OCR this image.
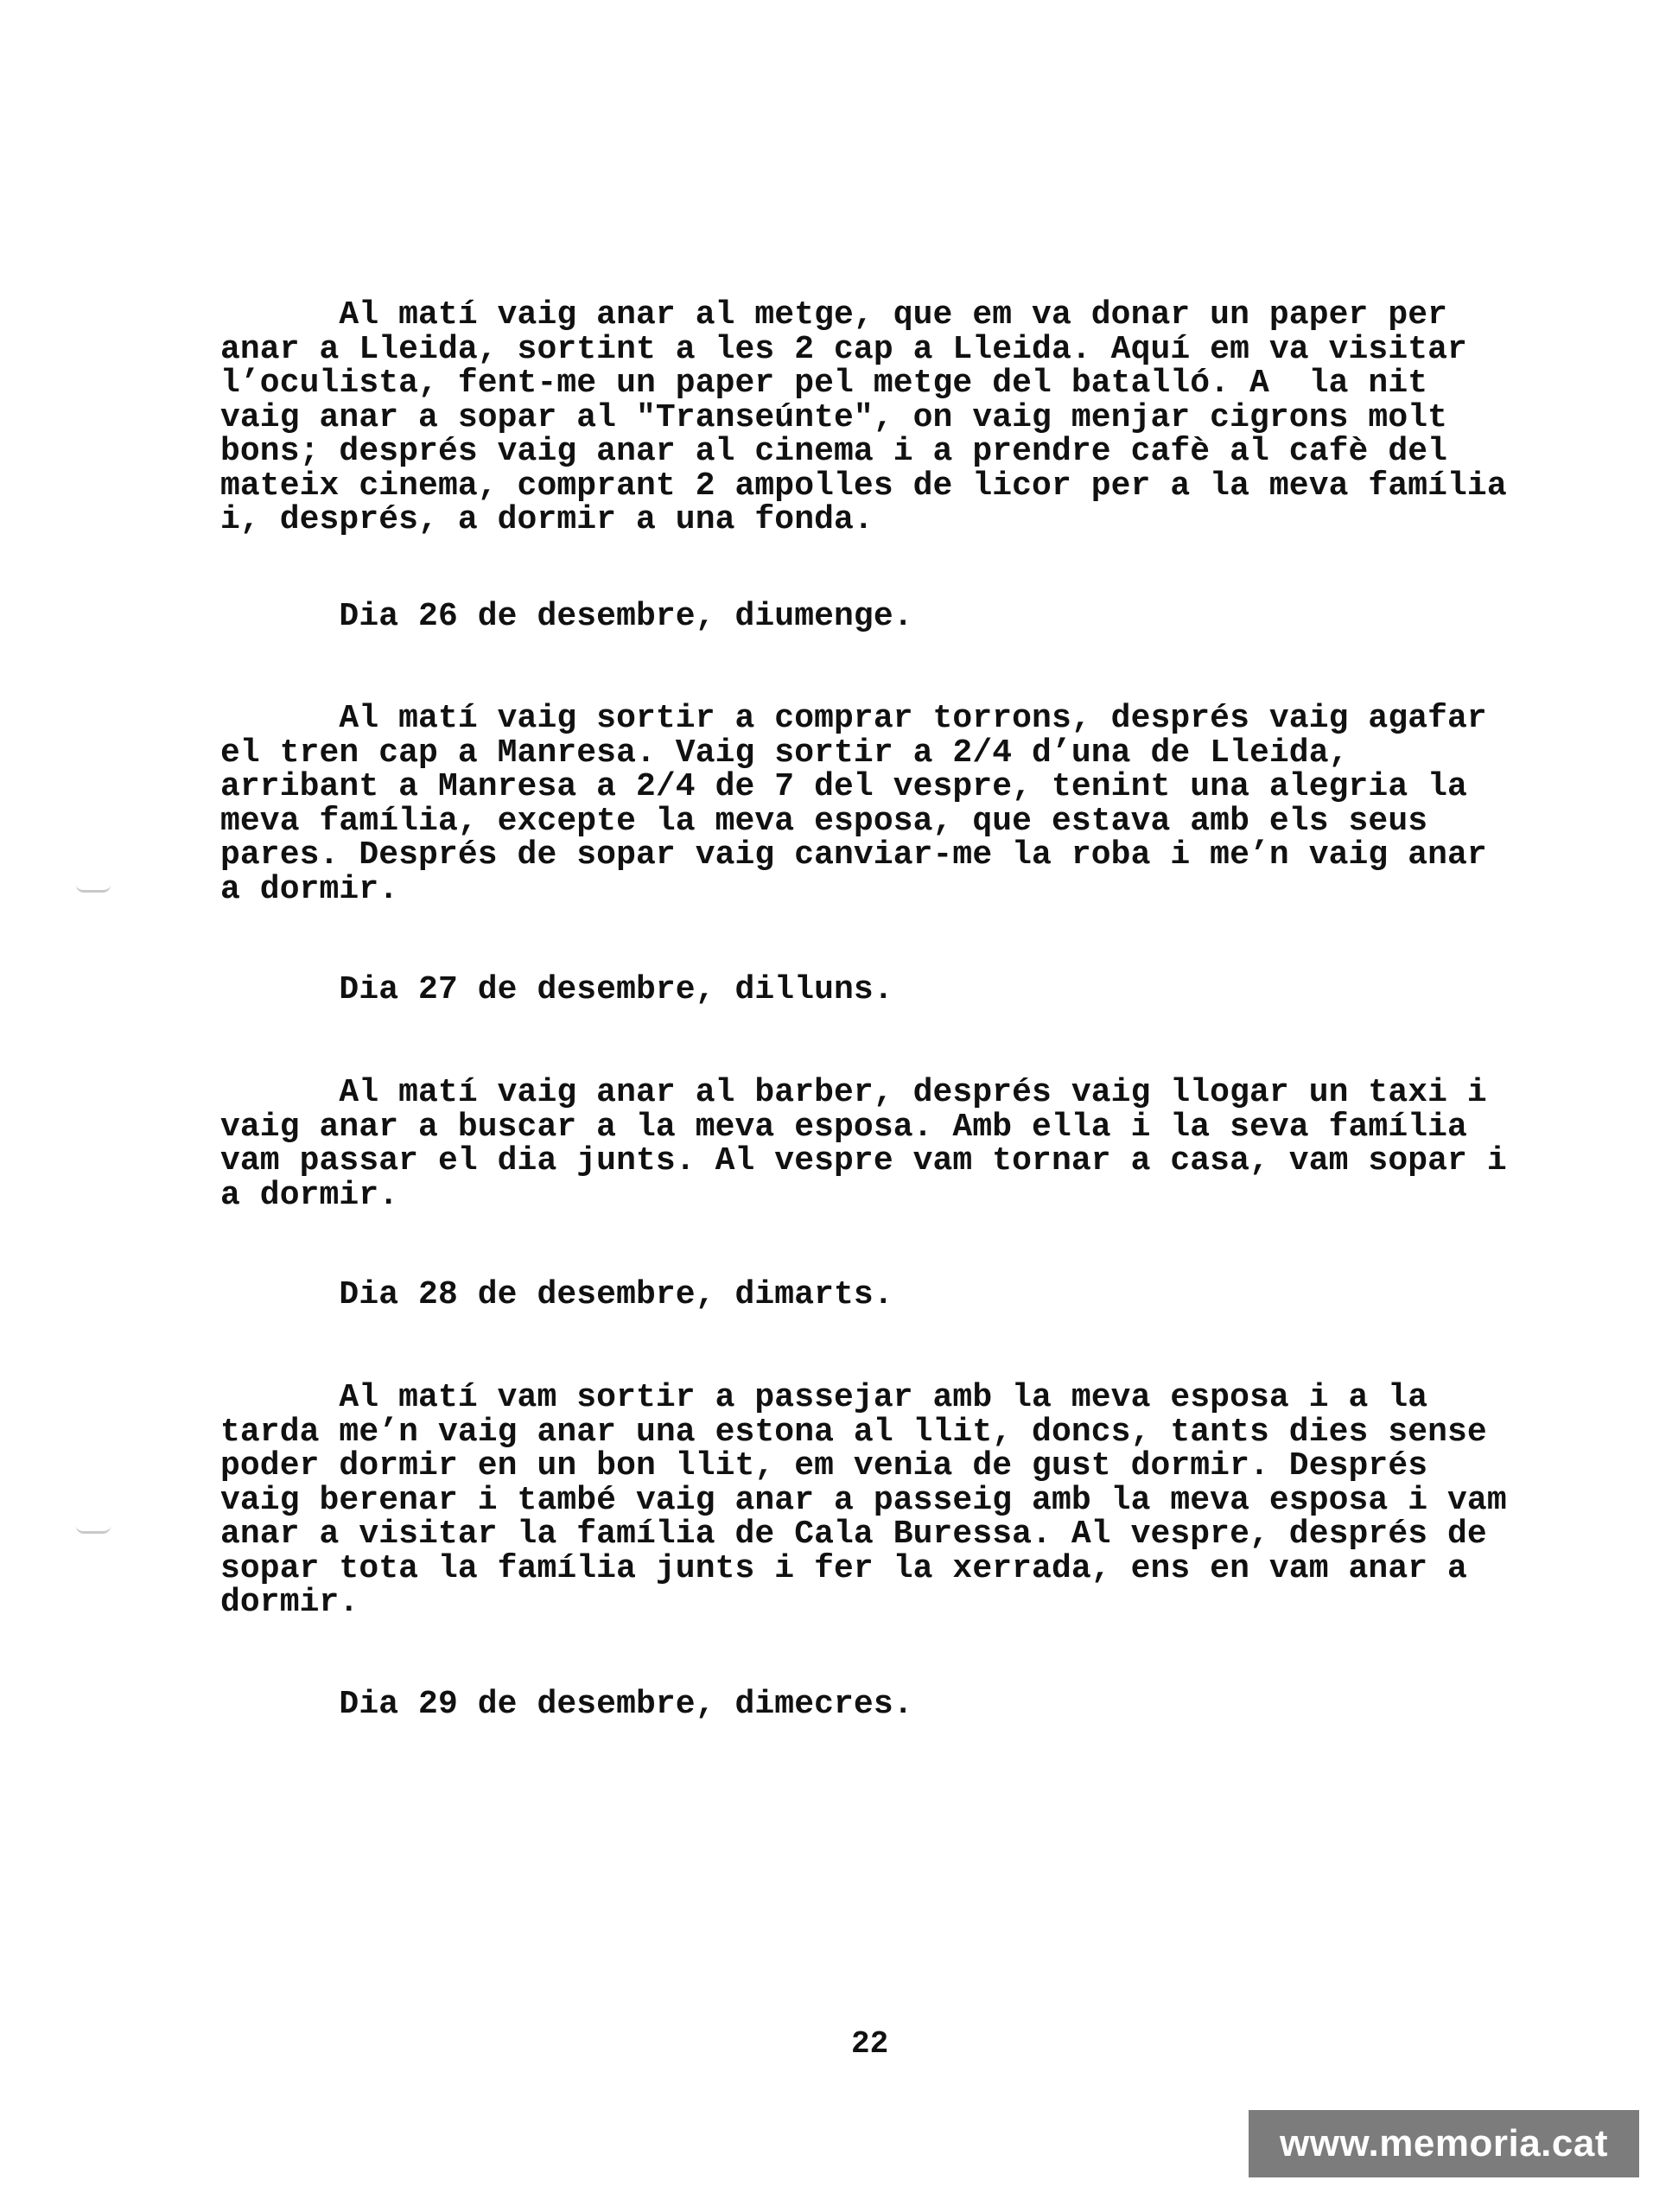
Al matí vaig anar al metge, que em va donar un paper per
anar a Lleida, sortint a les 2 cap a Lleida. Aquí em va visitar
l’oculista, fent-me un paper pel metge del batalló. A  la nit
vaig anar a sopar al "Transeúnte", on vaig menjar cigrons molt
bons; després vaig anar al cinema i a prendre cafè al cafè del
mateix cinema, comprant 2 ampolles de licor per a la meva família
i, després, a dormir a una fonda.

Dia 26 de desembre, diumenge.

Al matí vaig sortir a comprar torrons, després vaig agafar
el tren cap a Manresa. Vaig sortir a 2/4 d’una de Lleida,
arribant a Manresa a 2/4 de 7 del vespre, tenint una alegria la
meva família, excepte la meva esposa, que estava amb els seus
pares. Després de sopar vaig canviar-me la roba i me’n vaig anar
a dormir.

Dia 27 de desembre, dilluns.

Al matí vaig anar al barber, després vaig llogar un taxi i
vaig anar a buscar a la meva esposa. Amb ella i la seva família
vam passar el dia junts. Al vespre vam tornar a casa, vam sopar i
a dormir.

Dia 28 de desembre, dimarts.

Al matí vam sortir a passejar amb la meva esposa i a la
tarda me’n vaig anar una estona al llit, doncs, tants dies sense
poder dormir en un bon llit, em venia de gust dormir. Després
vaig berenar i també vaig anar a passeig amb la meva esposa i vam
anar a visitar la família de Cala Buressa. Al vespre, després de
sopar tota la família junts i fer la xerrada, ens en vam anar a
dormir.

Dia 29 de desembre, dimecres.

22

www.memoria.cat
